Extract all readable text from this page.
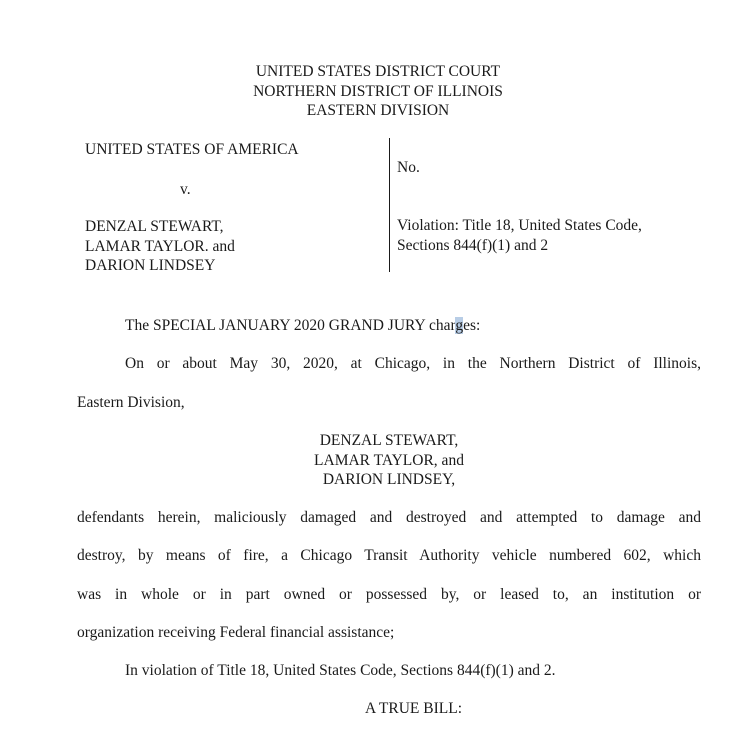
UNITED STATES DISTRICT COURT
NORTHERN DISTRICT OF ILLINOIS
EASTERN DIVISION
UNITED STATES OF AMERICA
v.
DENZAL STEWART,
LAMAR TAYLOR. and
DARION LINDSEY
No.
Violation: Title 18, United States Code,
Sections 844(f)(1) and 2
The SPECIAL JANUARY 2020 GRAND JURY charges:
On or about May 30, 2020, at Chicago, in the Northern District of Illinois,
Eastern Division,
DENZAL STEWART,
LAMAR TAYLOR, and
DARION LINDSEY,
defendants herein, maliciously damaged and destroyed and attempted to damage and
destroy, by means of fire, a Chicago Transit Authority vehicle numbered 602, which
was in whole or in part owned or possessed by, or leased to, an institution or
organization receiving Federal financial assistance;
In violation of Title 18, United States Code, Sections 844(f)(1) and 2.
A TRUE BILL:
